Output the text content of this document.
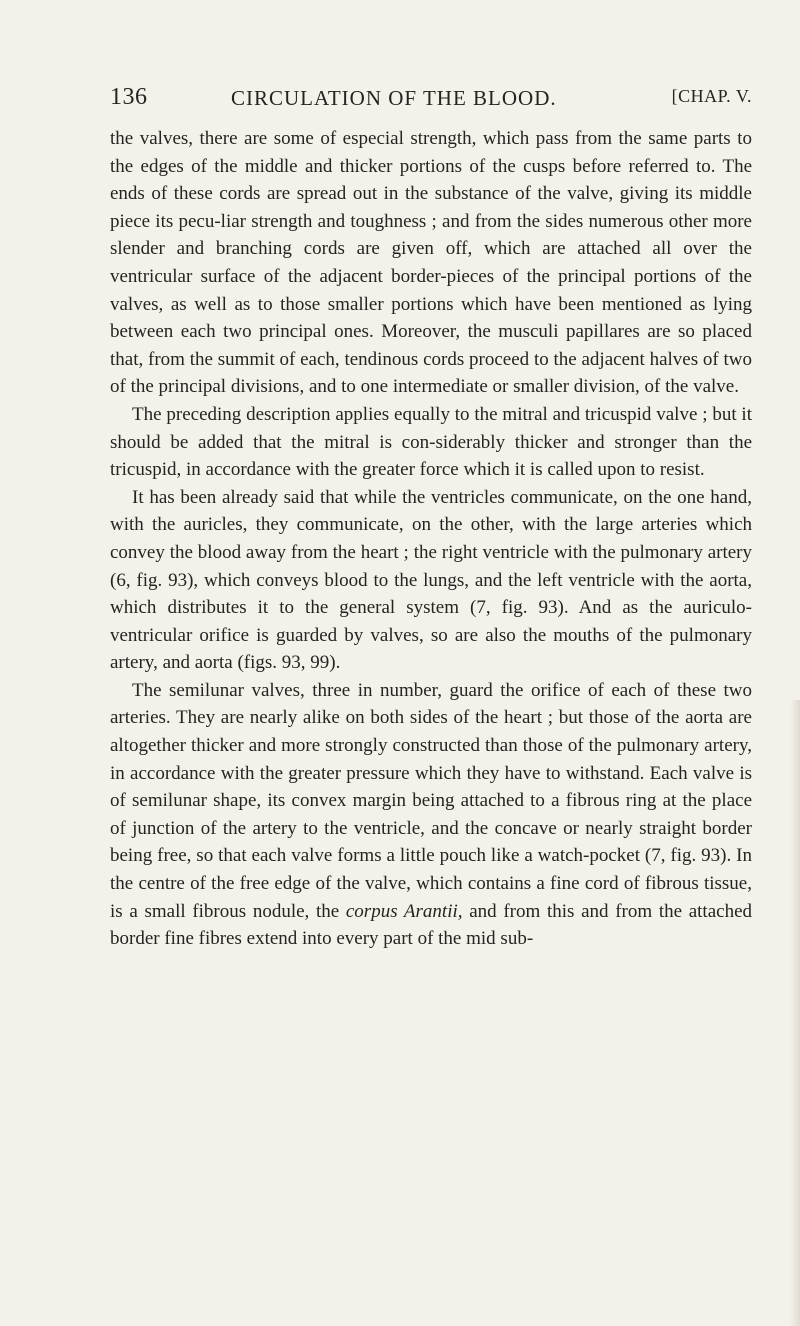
136	CIRCULATION OF THE BLOOD.	[CHAP. V.

the valves, there are some of especial strength, which pass from the same parts to the edges of the middle and thicker portions of the cusps before referred to. The ends of these cords are spread out in the substance of the valve, giving its middle piece its pecu-liar strength and toughness ; and from the sides numerous other more slender and branching cords are given off, which are attached all over the ventricular surface of the adjacent border-pieces of the principal portions of the valves, as well as to those smaller portions which have been mentioned as lying between each two principal ones. Moreover, the musculi papillares are so placed that, from the summit of each, tendinous cords proceed to the adjacent halves of two of the principal divisions, and to one intermediate or smaller division, of the valve.

The preceding description applies equally to the mitral and tricuspid valve ; but it should be added that the mitral is con-siderably thicker and stronger than the tricuspid, in accordance with the greater force which it is called upon to resist.

It has been already said that while the ventricles communicate, on the one hand, with the auricles, they communicate, on the other, with the large arteries which convey the blood away from the heart ; the right ventricle with the pulmonary artery (6, fig. 93), which conveys blood to the lungs, and the left ventricle with the aorta, which distributes it to the general system (7, fig. 93). And as the auriculo-ventricular orifice is guarded by valves, so are also the mouths of the pulmonary artery, and aorta (figs. 93, 99).

The semilunar valves, three in number, guard the orifice of each of these two arteries. They are nearly alike on both sides of the heart ; but those of the aorta are altogether thicker and more strongly constructed than those of the pulmonary artery, in accordance with the greater pressure which they have to withstand. Each valve is of semilunar shape, its convex margin being attached to a fibrous ring at the place of junction of the artery to the ventricle, and the concave or nearly straight border being free, so that each valve forms a little pouch like a watch-pocket (7, fig. 93). In the centre of the free edge of the valve, which contains a fine cord of fibrous tissue, is a small fibrous nodule, the corpus Arantii, and from this and from the attached border fine fibres extend into every part of the mid sub-
